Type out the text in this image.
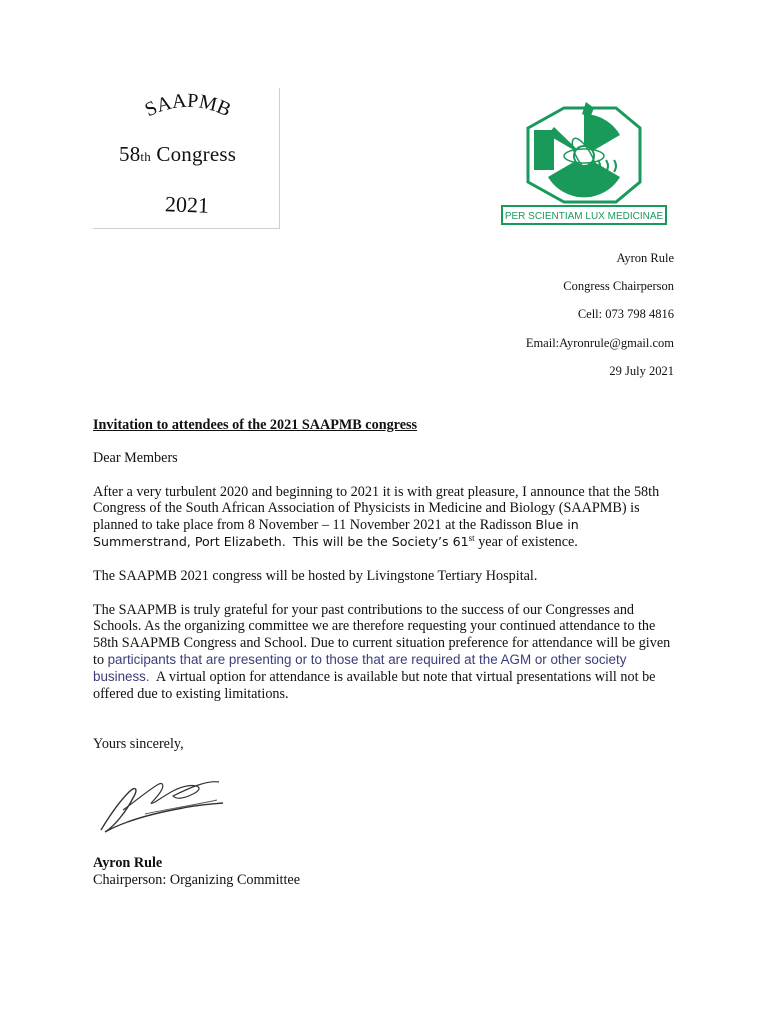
SAAPMB
58th Congress
2021	PER SCIENTIAM LUX MEDICINAE
Ayron Rule
Congress Chairperson
Cell: 073 798 4816
Email:Ayronrule@gmail.com
29 July 2021

Invitation to attendees of the 2021 SAAPMB congress

Dear Members

After a very turbulent 2020 and beginning to 2021 it is with great pleasure, I announce that the 58th Congress of the South African Association of Physicists in Medicine and Biology (SAAPMB) is planned to take place from 8 November – 11 November 2021 at the Radisson Blue in Summerstrand, Port Elizabeth. This will be the Society’s 61st year of existence.

The SAAPMB 2021 congress will be hosted by Livingstone Tertiary Hospital.

The SAAPMB is truly grateful for your past contributions to the success of our Congresses and Schools. As the organizing committee we are therefore requesting your continued attendance to the 58th SAAPMB Congress and School. Due to current situation preference for attendance will be given to participants that are presenting or to those that are required at the AGM or other society business. A virtual option for attendance is available but note that virtual presentations will not be offered due to existing limitations.

Yours sincerely,

Ayron Rule
Chairperson: Organizing Committee
